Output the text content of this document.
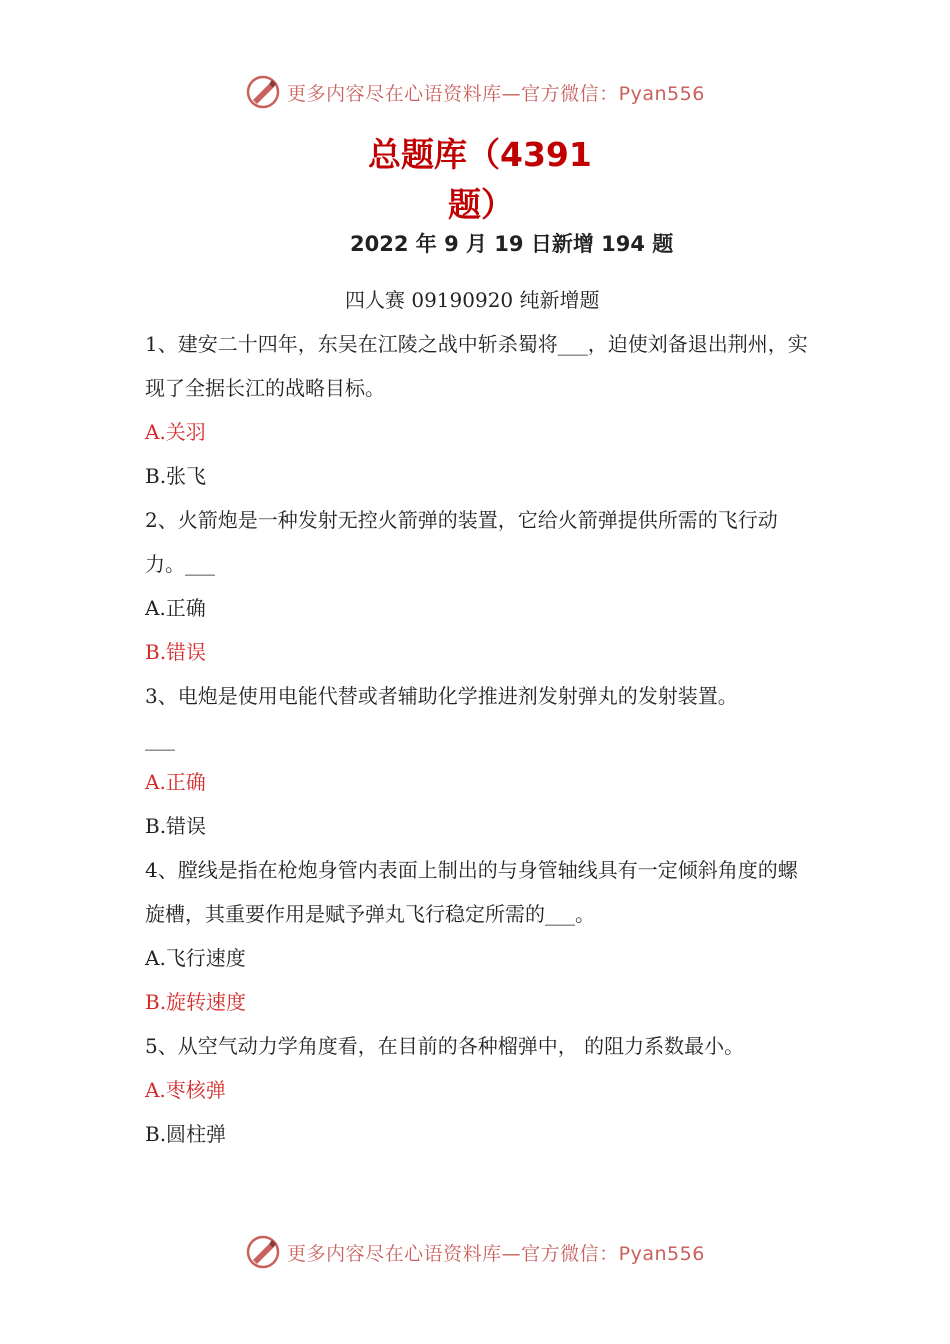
更多内容尽在心语资料库—官方微信：Pyan556
总题库（4391
题）
2022 年 9 月 19 日新增 194 题
四人赛 09190920 纯新增题

1、建安二十四年，东吴在江陵之战中斩杀蜀将___，迫使刘备退出荆州，实现了全据长江的战略目标。

A.关羽

B.张飞

2、火箭炮是一种发射无控火箭弹的装置，它给火箭弹提供所需的飞行动力。___

A.正确

B.错误

3、电炮是使用电能代替或者辅助化学推进剂发射弹丸的发射装置。

___

A.正确

B.错误

4、膛线是指在枪炮身管内表面上制出的与身管轴线具有一定倾斜角度的螺旋槽，其重要作用是赋予弹丸飞行稳定所需的___。

A.飞行速度

B.旋转速度

5、从空气动力学角度看，在目前的各种榴弹中， 的阻力系数最小。

A.枣核弹

B.圆柱弹

更多内容尽在心语资料库—官方微信：Pyan556
